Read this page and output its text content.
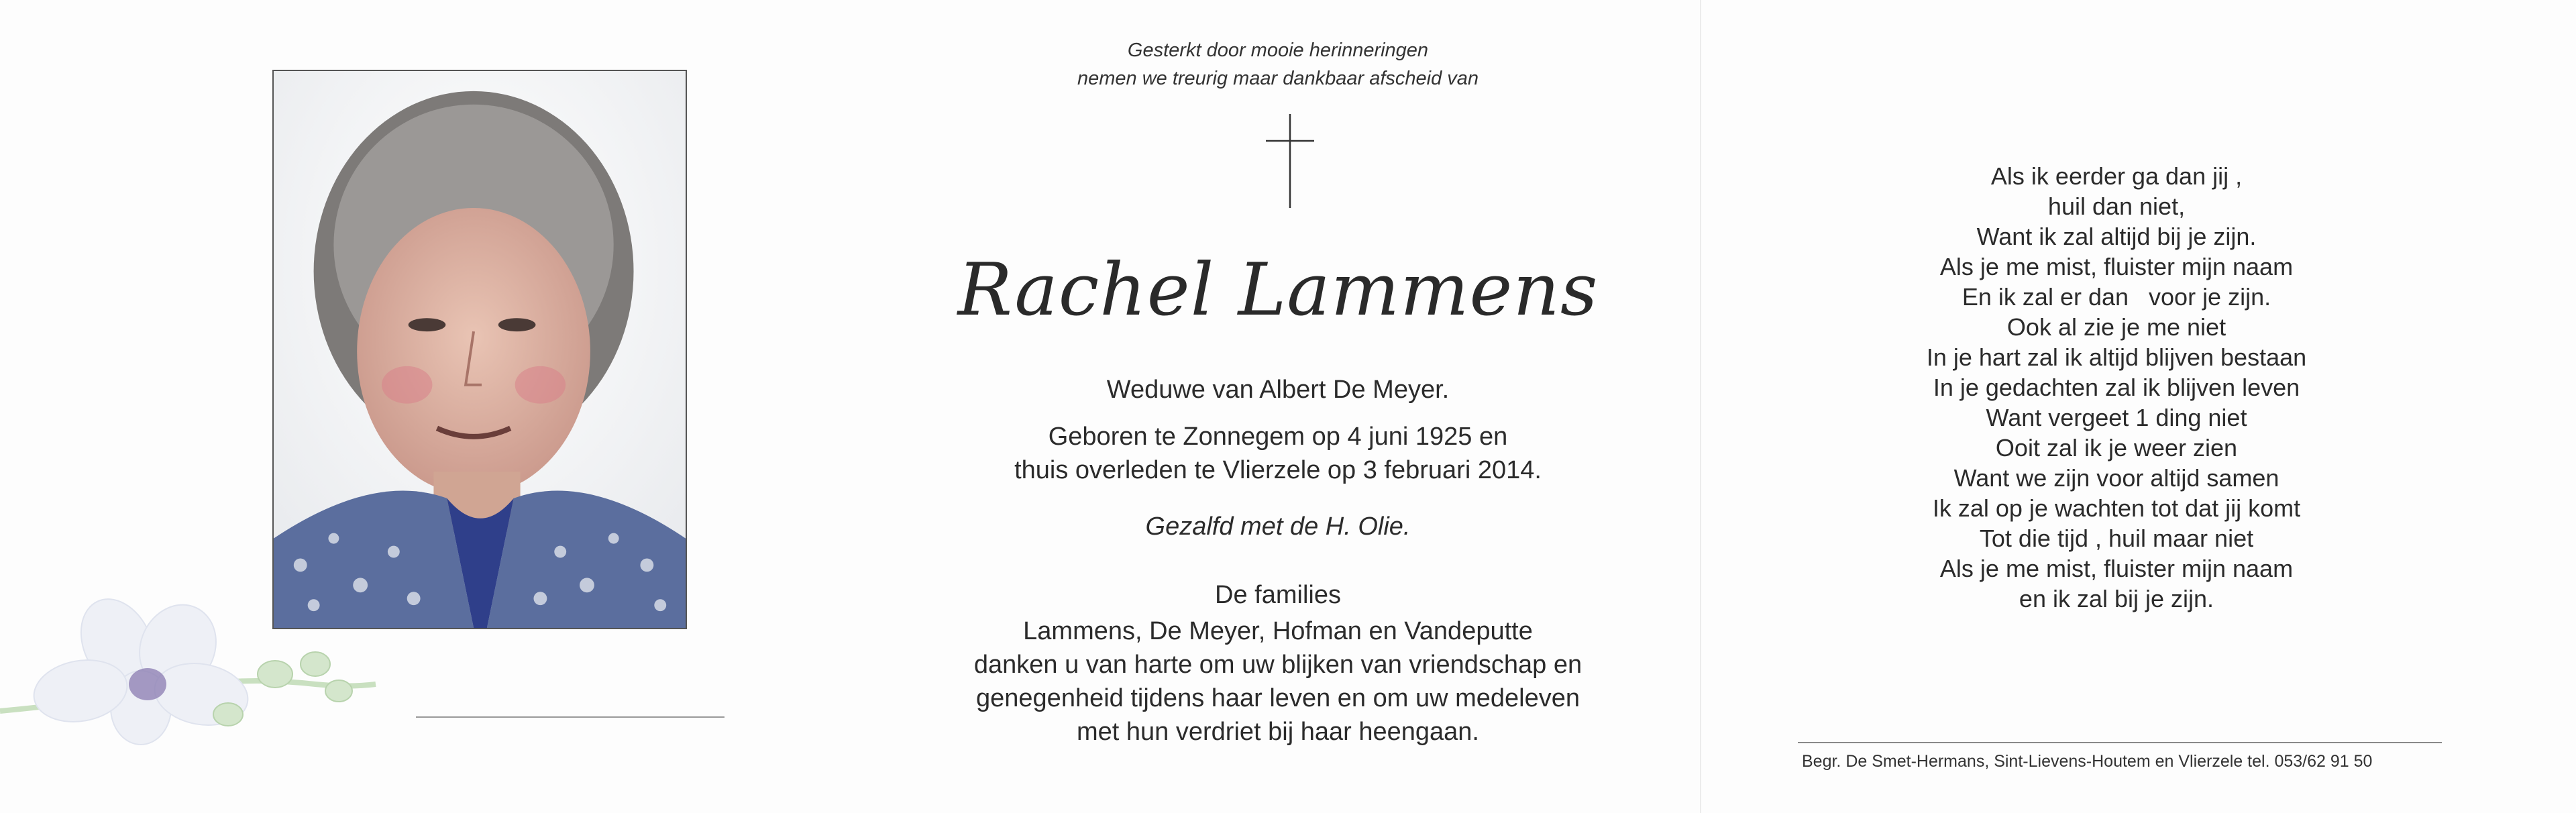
Gesterkt door mooie herinneringen
nemen we treurig maar dankbaar afscheid van
Rachel Lammens
Weduwe van Albert De Meyer.
Geboren te Zonnegem op 4 juni 1925 en
thuis overleden te Vlierzele op 3 februari 2014.
Gezalfd met de H. Olie.
De families
Lammens, De Meyer, Hofman en Vandeputte
danken u van harte om uw blijken van vriendschap en
genegenheid tijdens haar leven en om uw medeleven
met hun verdriet bij haar heengaan.
Als ik eerder ga dan jij ,
huil dan niet,
Want ik zal altijd bij je zijn.
Als je me mist, fluister mijn naam
En ik zal er dan   voor je zijn.
Ook al zie je me niet
In je hart zal ik altijd blijven bestaan
In je gedachten zal ik blijven leven
Want vergeet 1 ding niet
Ooit zal ik je weer zien
Want we zijn voor altijd samen
Ik zal op je wachten tot dat jij komt
Tot die tijd , huil maar niet
Als je me mist, fluister mijn naam
en ik zal bij je zijn.
Begr. De Smet-Hermans, Sint-Lievens-Houtem en Vlierzele tel. 053/62 91 50
